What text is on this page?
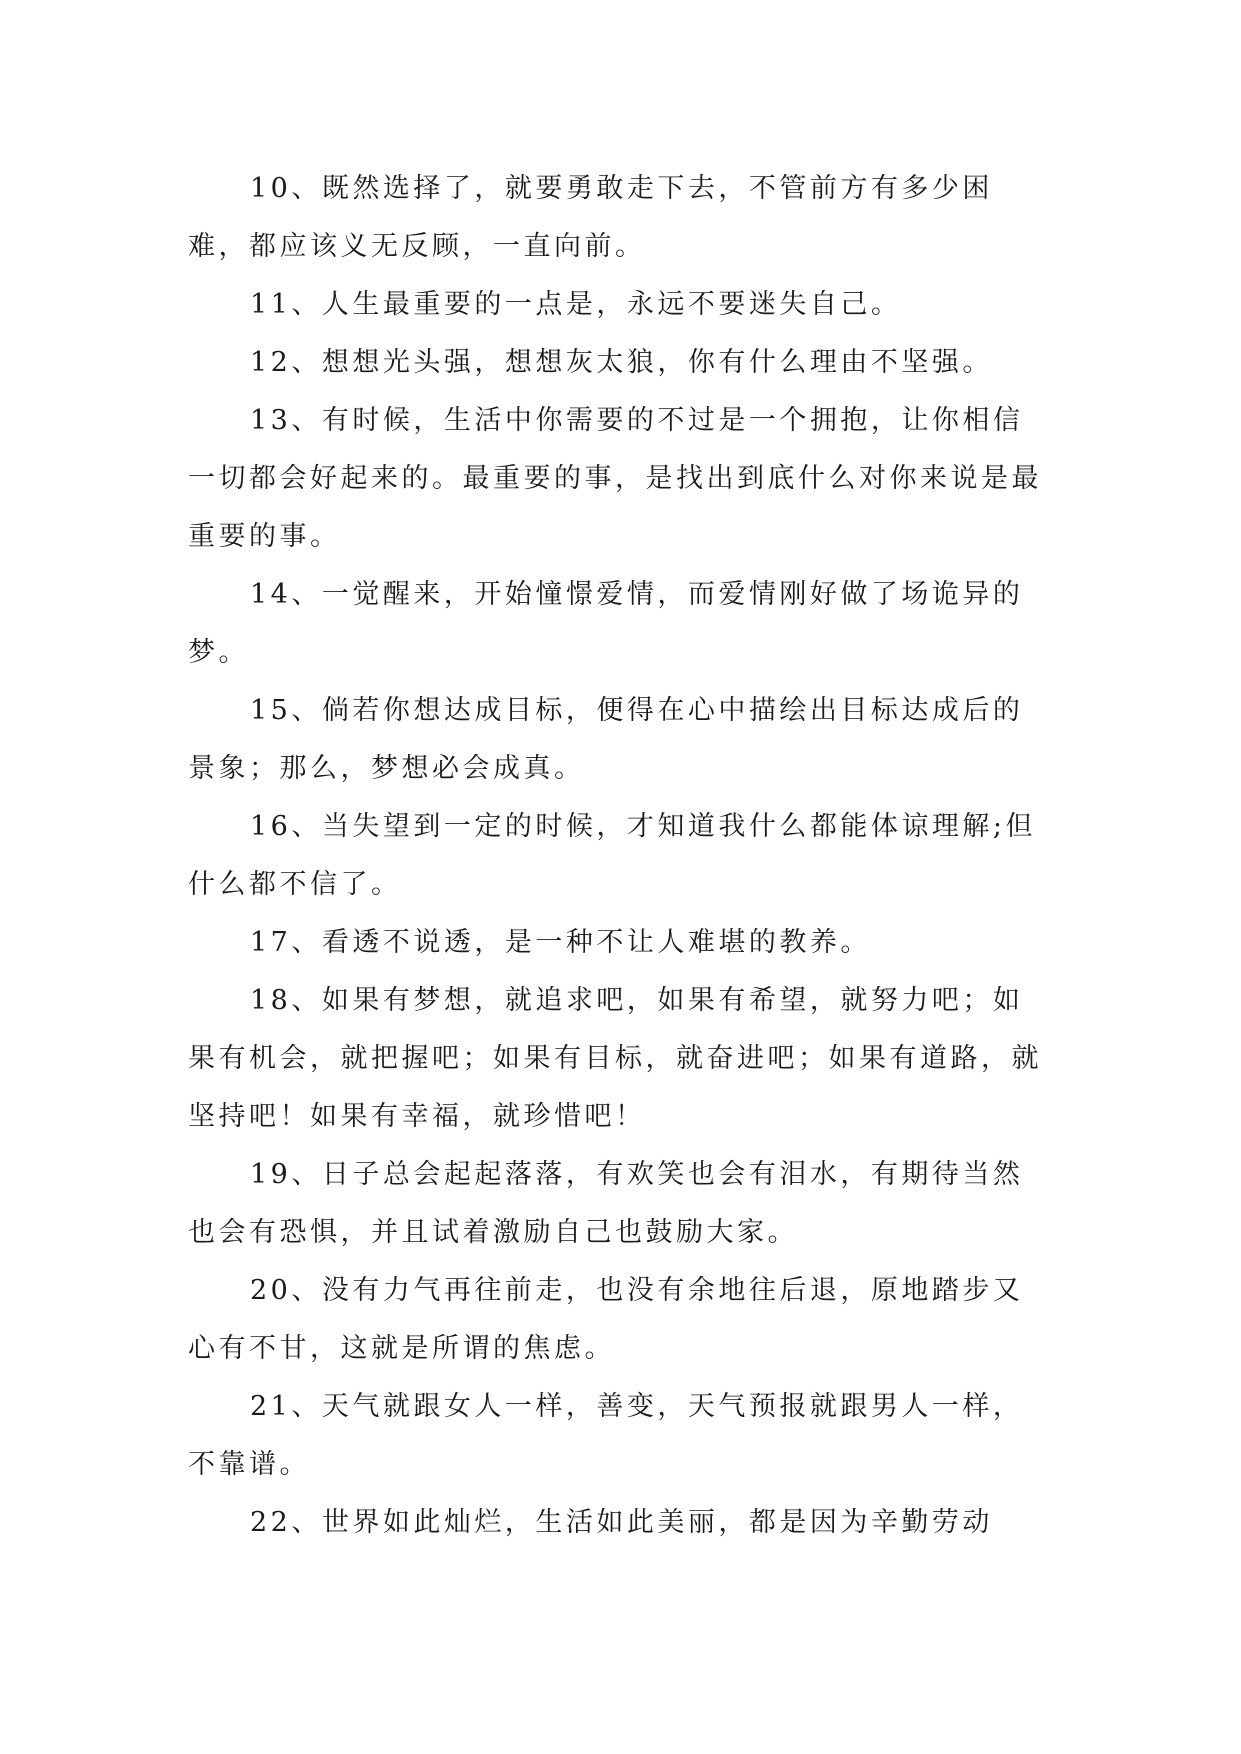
10、既然选择了，就要勇敢走下去，不管前方有多少困难，都应该义无反顾，一直向前。

11、人生最重要的一点是，永远不要迷失自己。

12、想想光头强，想想灰太狼，你有什么理由不坚强。

13、有时候，生活中你需要的不过是一个拥抱，让你相信一切都会好起来的。最重要的事，是找出到底什么对你来说是最重要的事。

14、一觉醒来，开始憧憬爱情，而爱情刚好做了场诡异的梦。

15、倘若你想达成目标，便得在心中描绘出目标达成后的景象；那么，梦想必会成真。

16、当失望到一定的时候，才知道我什么都能体谅理解;但什么都不信了。

17、看透不说透，是一种不让人难堪的教养。

18、如果有梦想，就追求吧，如果有希望，就努力吧；如果有机会，就把握吧；如果有目标，就奋进吧；如果有道路，就坚持吧！如果有幸福，就珍惜吧！

19、日子总会起起落落，有欢笑也会有泪水，有期待当然也会有恐惧，并且试着激励自己也鼓励大家。

20、没有力气再往前走，也没有余地往后退，原地踏步又心有不甘，这就是所谓的焦虑。

21、天气就跟女人一样，善变，天气预报就跟男人一样，不靠谱。

22、世界如此灿烂，生活如此美丽，都是因为辛勤劳动
